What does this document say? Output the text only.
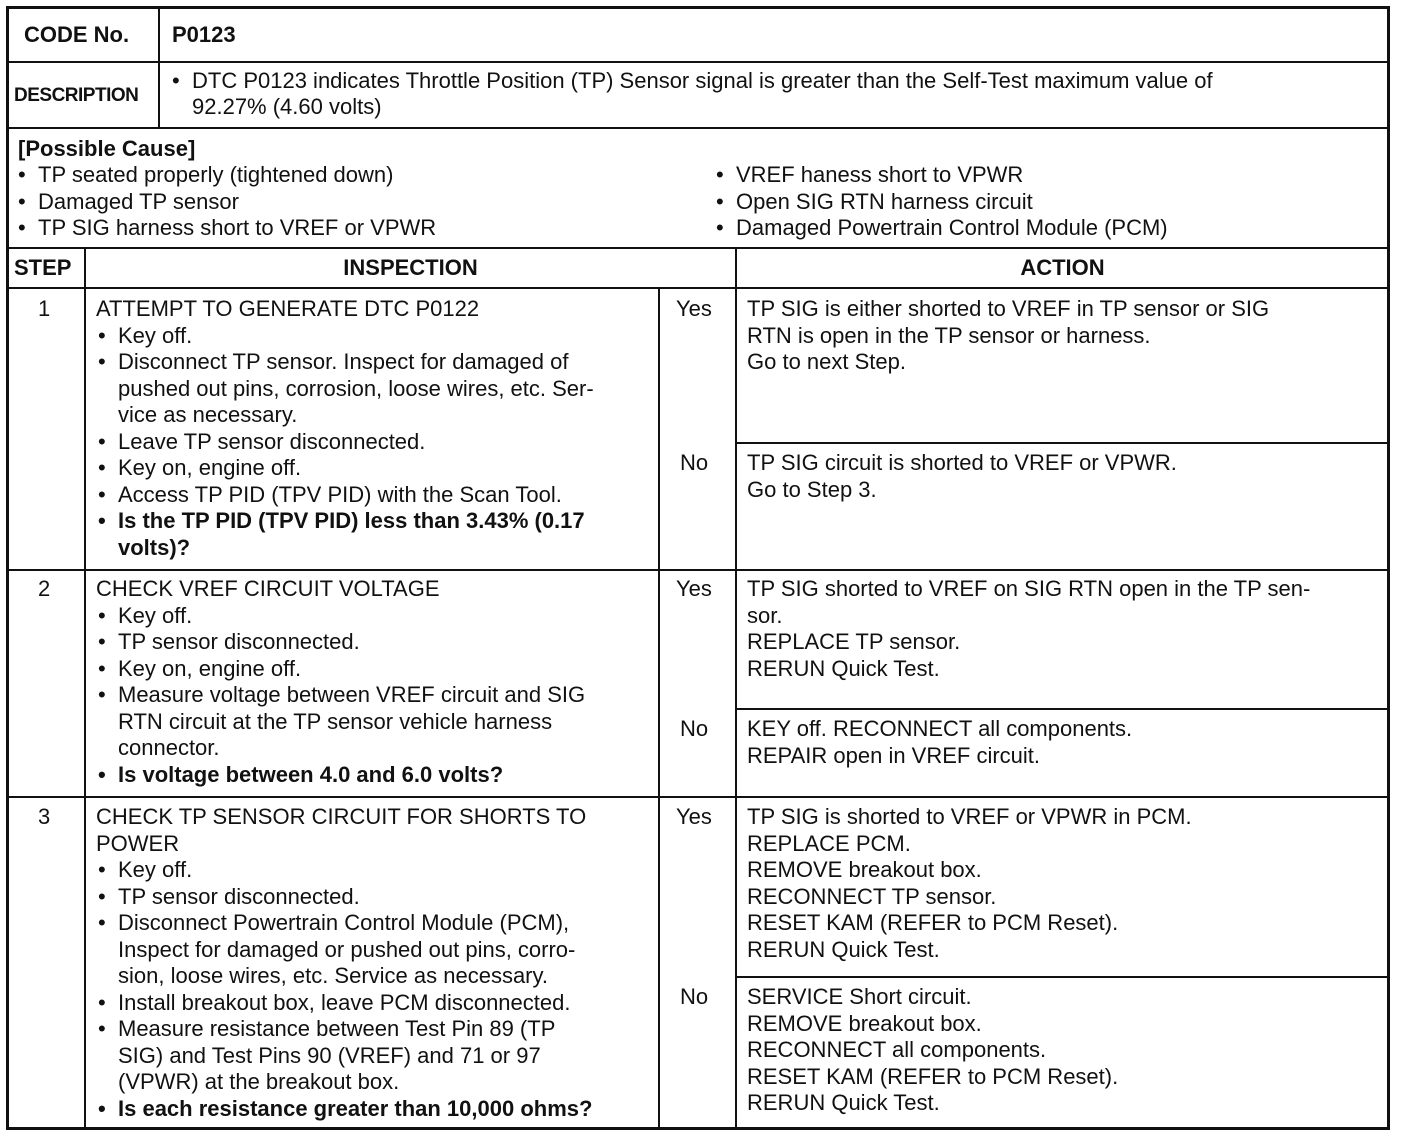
CODE No. P0123
DESCRIPTION
• DTC P0123 indicates Throttle Position (TP) Sensor signal is greater than the Self-Test maximum value of
92.27% (4.60 volts)
[Possible Cause]
• TP seated properly (tightened down)
• Damaged TP sensor
• TP SIG harness short to VREF or VPWR
• VREF haness short to VPWR
• Open SIG RTN harness circuit
• Damaged Powertrain Control Module (PCM)
STEP	INSPECTION	ACTION
1 ATTEMPT TO GENERATE DTC P0122
• Key off.
• Disconnect TP sensor. Inspect for damaged of
pushed out pins, corrosion, loose wires, etc. Ser-
vice as necessary.
• Leave TP sensor disconnected.
• Key on, engine off.
• Access TP PID (TPV PID) with the Scan Tool.
• Is the TP PID (TPV PID) less than 3.43% (0.17
volts)?
Yes TP SIG is either shorted to VREF in TP sensor or SIG
RTN is open in the TP sensor or harness.
Go to next Step.
No TP SIG circuit is shorted to VREF or VPWR.
Go to Step 3.
2 CHECK VREF CIRCUIT VOLTAGE
• Key off.
• TP sensor disconnected.
• Key on, engine off.
• Measure voltage between VREF circuit and SIG
RTN circuit at the TP sensor vehicle harness
connector.
• Is voltage between 4.0 and 6.0 volts?
Yes TP SIG shorted to VREF on SIG RTN open in the TP sen-
sor.
REPLACE TP sensor.
RERUN Quick Test.
No KEY off. RECONNECT all components.
REPAIR open in VREF circuit.
3 CHECK TP SENSOR CIRCUIT FOR SHORTS TO
POWER
• Key off.
• TP sensor disconnected.
• Disconnect Powertrain Control Module (PCM),
Inspect for damaged or pushed out pins, corro-
sion, loose wires, etc. Service as necessary.
• Install breakout box, leave PCM disconnected.
• Measure resistance between Test Pin 89 (TP
SIG) and Test Pins 90 (VREF) and 71 or 97
(VPWR) at the breakout box.
• Is each resistance greater than 10,000 ohms?
Yes TP SIG is shorted to VREF or VPWR in PCM.
REPLACE PCM.
REMOVE breakout box.
RECONNECT TP sensor.
RESET KAM (REFER to PCM Reset).
RERUN Quick Test.
No SERVICE Short circuit.
REMOVE breakout box.
RECONNECT all components.
RESET KAM (REFER to PCM Reset).
RERUN Quick Test.
